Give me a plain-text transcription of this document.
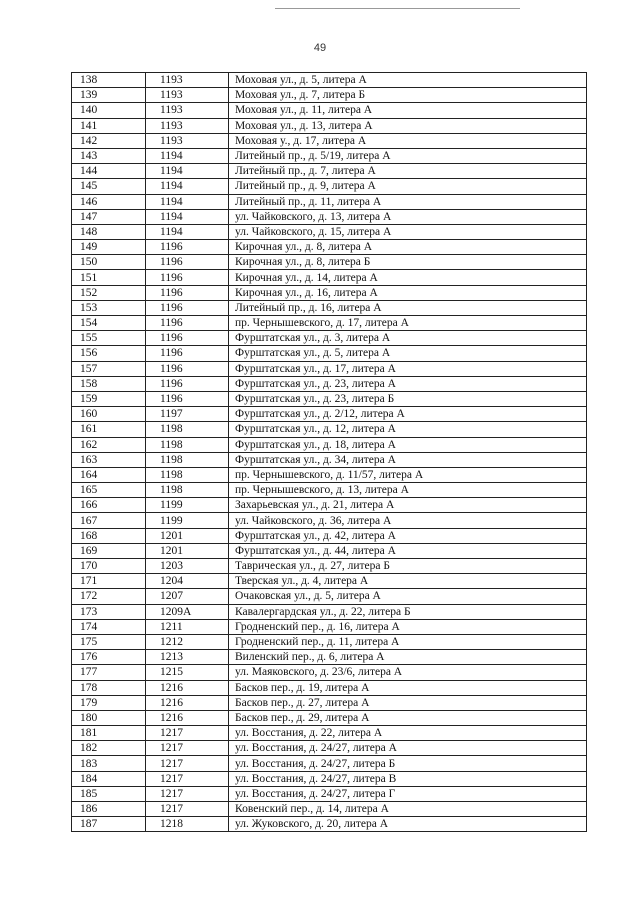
49
138	1193	Моховая ул., д. 5, литера А
139	1193	Моховая ул., д. 7, литера Б
140	1193	Моховая ул., д. 11, литера А
141	1193	Моховая ул., д. 13, литера А
142	1193	Моховая у., д. 17, литера А
143	1194	Литейный пр., д. 5/19, литера А
144	1194	Литейный пр., д. 7, литера А
145	1194	Литейный пр., д. 9, литера А
146	1194	Литейный пр., д. 11, литера А
147	1194	ул. Чайковского, д. 13, литера А
148	1194	ул. Чайковского, д. 15, литера А
149	1196	Кирочная ул., д. 8, литера А
150	1196	Кирочная ул., д. 8, литера Б
151	1196	Кирочная ул., д. 14, литера А
152	1196	Кирочная ул., д. 16, литера А
153	1196	Литейный пр., д. 16, литера А
154	1196	пр. Чернышевского, д. 17, литера А
155	1196	Фурштатская ул., д. 3, литера А
156	1196	Фурштатская ул., д. 5, литера А
157	1196	Фурштатская ул., д. 17, литера А
158	1196	Фурштатская ул., д. 23, литера А
159	1196	Фурштатская ул., д. 23, литера Б
160	1197	Фурштатская ул., д. 2/12, литера А
161	1198	Фурштатская ул., д. 12, литера А
162	1198	Фурштатская ул., д. 18, литера А
163	1198	Фурштатская ул., д. 34, литера А
164	1198	пр. Чернышевского, д. 11/57, литера А
165	1198	пр. Чернышевского, д. 13, литера А
166	1199	Захарьевская ул., д. 21, литера А
167	1199	ул. Чайковского, д. 36, литера А
168	1201	Фурштатская ул., д. 42, литера А
169	1201	Фурштатская ул., д. 44, литера А
170	1203	Таврическая ул., д. 27, литера Б
171	1204	Тверская ул., д. 4, литера А
172	1207	Очаковская ул., д. 5, литера А
173	1209А	Кавалергардская ул., д. 22, литера Б
174	1211	Гродненский пер., д. 16, литера А
175	1212	Гродненский пер., д. 11, литера А
176	1213	Виленский пер., д. 6, литера А
177	1215	ул. Маяковского, д. 23/6, литера А
178	1216	Басков пер., д. 19, литера А
179	1216	Басков пер., д. 27, литера А
180	1216	Басков пер., д. 29, литера А
181	1217	ул. Восстания, д. 22, литера А
182	1217	ул. Восстания, д. 24/27, литера А
183	1217	ул. Восстания, д. 24/27, литера Б
184	1217	ул. Восстания, д. 24/27, литера В
185	1217	ул. Восстания, д. 24/27, литера Г
186	1217	Ковенский пер., д. 14, литера А
187	1218	ул. Жуковского, д. 20, литера А
